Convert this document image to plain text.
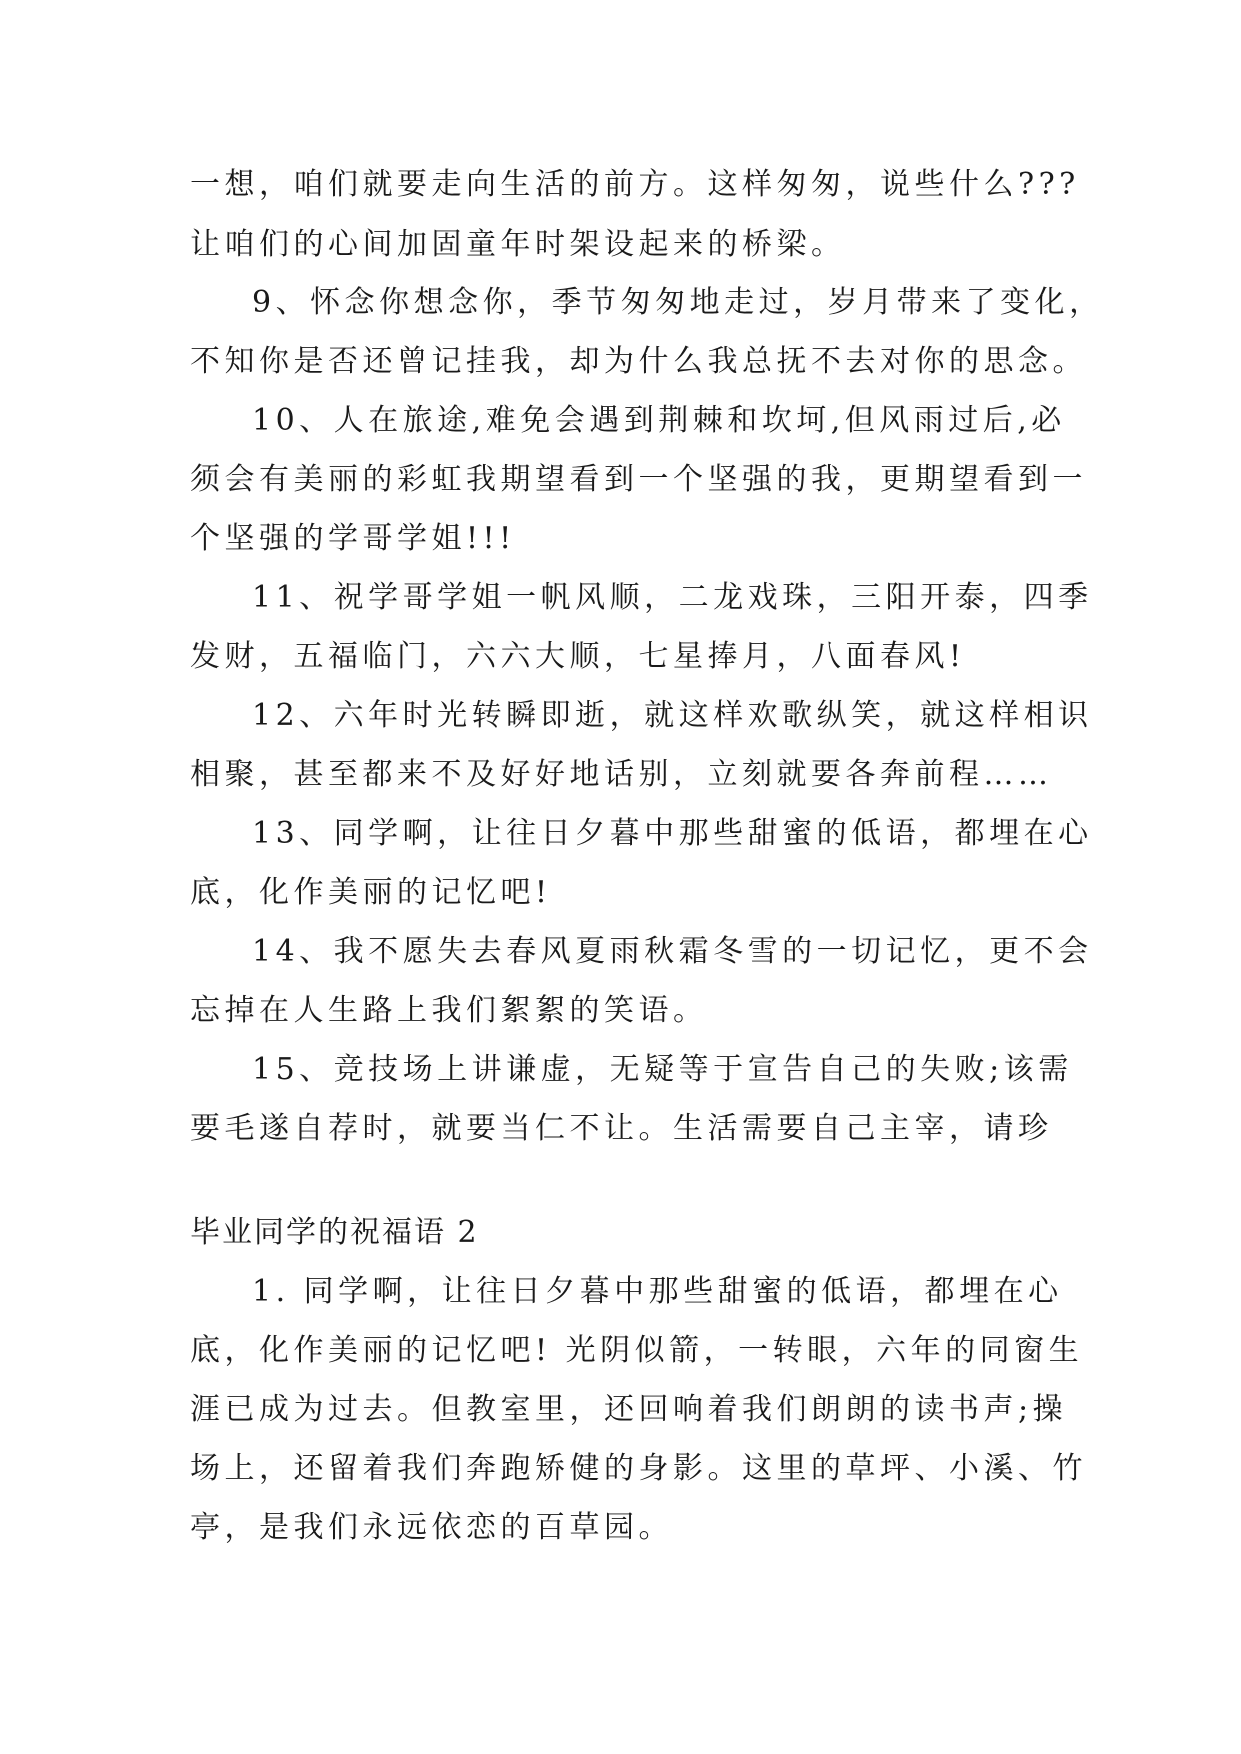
一想，咱们就要走向生活的前方。这样匆匆，说些什么???
让咱们的心间加固童年时架设起来的桥梁。
9、怀念你想念你，季节匆匆地走过，岁月带来了变化，
不知你是否还曾记挂我，却为什么我总抚不去对你的思念。
10、人在旅途,难免会遇到荆棘和坎坷,但风雨过后,必
须会有美丽的彩虹我期望看到一个坚强的我，更期望看到一
个坚强的学哥学姐!!!
11、祝学哥学姐一帆风顺，二龙戏珠，三阳开泰，四季
发财，五福临门，六六大顺，七星捧月，八面春风!
12、六年时光转瞬即逝，就这样欢歌纵笑，就这样相识
相聚，甚至都来不及好好地话别，立刻就要各奔前程……
13、同学啊，让往日夕暮中那些甜蜜的低语，都埋在心
底，化作美丽的记忆吧!
14、我不愿失去春风夏雨秋霜冬雪的一切记忆，更不会
忘掉在人生路上我们絮絮的笑语。
15、竞技场上讲谦虚，无疑等于宣告自己的失败;该需
要毛遂自荐时，就要当仁不让。生活需要自己主宰，请珍
毕业同学的祝福语 2
1. 同学啊，让往日夕暮中那些甜蜜的低语，都埋在心
底，化作美丽的记忆吧! 光阴似箭，一转眼，六年的同窗生
涯已成为过去。但教室里，还回响着我们朗朗的读书声;操
场上，还留着我们奔跑矫健的身影。这里的草坪、小溪、竹
亭，是我们永远依恋的百草园。
